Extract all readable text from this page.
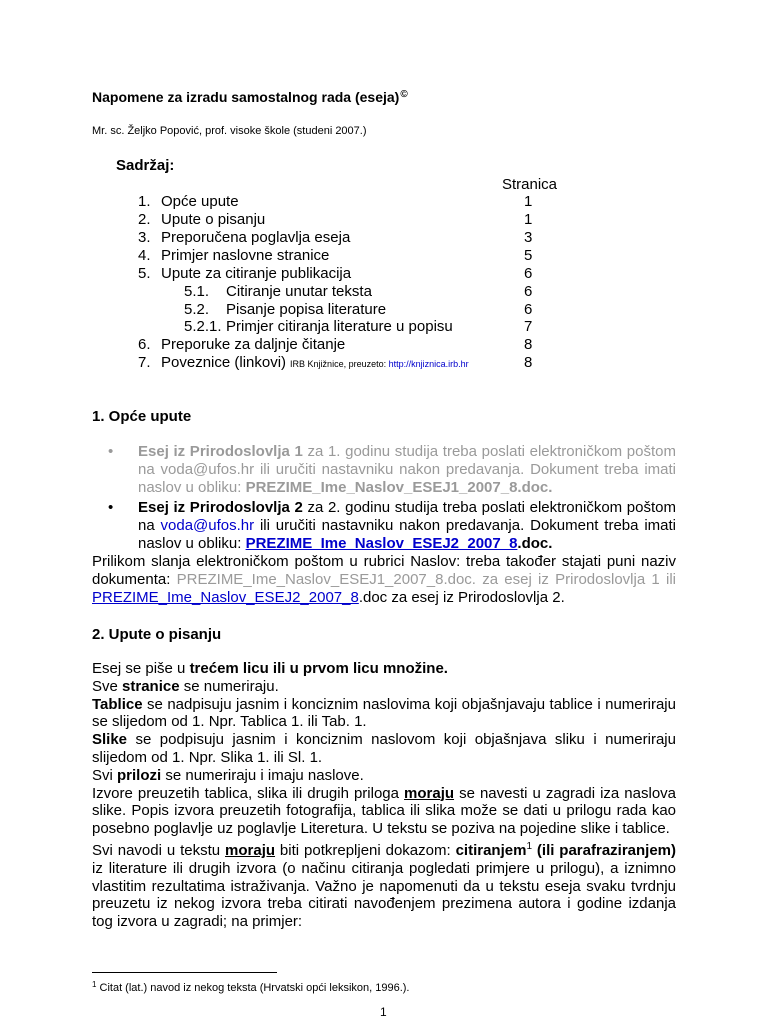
Napomene za izradu samostalnog rada (eseja)©
Mr. sc. Željko Popović, prof. visoke škole (studeni 2007.)
Sadržaj:
Stranica
1. Opće upute	1
2. Upute o pisanju	1
3. Preporučena poglavlja eseja	3
4. Primjer naslovne stranice	5
5. Upute za citiranje publikacija	6
5.1. Citiranje unutar teksta	6
5.2. Pisanje popisa literature	6
5.2.1. Primjer citiranja literature u popisu	7
6. Preporuke za daljnje čitanje	8
7. Poveznice (linkovi) IRB Knjižnice, preuzeto: http://knjiznica.irb.hr	8
1. Opće upute
• Esej iz Prirodoslovlja 1 za 1. godinu studija treba poslati elektroničkom poštom na voda@ufos.hr ili uručiti nastavniku nakon predavanja. Dokument treba imati naslov u obliku: PREZIME_Ime_Naslov_ESEJ1_2007_8.doc.
• Esej iz Prirodoslovlja 2 za 2. godinu studija treba poslati elektroničkom poštom na voda@ufos.hr ili uručiti nastavniku nakon predavanja. Dokument treba imati naslov u obliku: PREZIME_Ime_Naslov_ESEJ2_2007_8.doc.
Prilikom slanja elektroničkom poštom u rubrici Naslov: treba također stajati puni naziv dokumenta: PREZIME_Ime_Naslov_ESEJ1_2007_8.doc. za esej iz Prirodoslovlja 1 ili PREZIME_Ime_Naslov_ESEJ2_2007_8.doc za esej iz Prirodoslovlja 2.
2. Upute o pisanju

Esej se piše u trećem licu ili u prvom licu množine.

Sve stranice se numeriraju.

Tablice se nadpisuju jasnim i konciznim naslovima koji objašnjavaju tablice i numeriraju se slijedom od 1. Npr. Tablica 1. ili Tab. 1.

Slike se podpisuju jasnim i konciznim naslovom koji objašnjava sliku i numeriraju slijedom od 1. Npr. Slika 1. ili Sl. 1.

Svi prilozi se numeriraju i imaju naslove.

Izvore preuzetih tablica, slika ili drugih priloga moraju se navesti u zagradi iza naslova slike. Popis izvora preuzetih fotografija, tablica ili slika može se dati u prilogu rada kao posebno poglavlje uz poglavlje Literetura. U tekstu se poziva na pojedine slike i tablice.

Svi navodi u tekstu moraju biti potkrepljeni dokazom: citiranjem$^1$ (ili parafraziranjem) iz literature ili drugih izvora (o načinu citiranja pogledati primjere u prilogu), a iznimno vlastitim rezultatima istraživanja. Važno je napomenuti da u tekstu eseja svaku tvrdnju preuzetu iz nekog izvora treba citirati navođenjem prezimena autora i godine izdanja tog izvora u zagradi; na primjer:

$^1$ Citat (lat.) navod iz nekog teksta (Hrvatski opći leksikon, 1996.).
1
